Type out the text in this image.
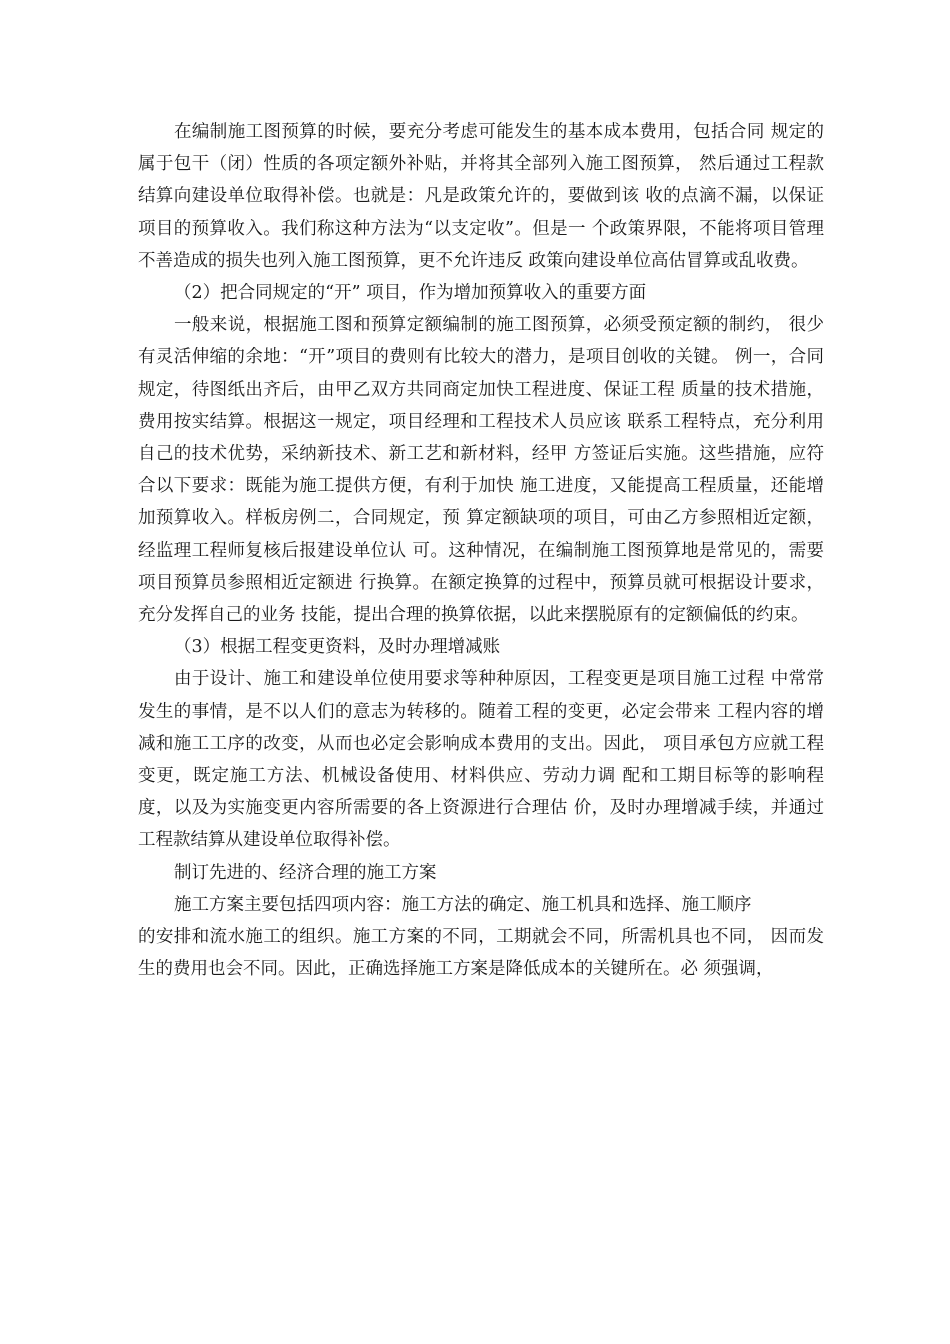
在编制施工图预算的时候，要充分考虑可能发生的基本成本费用，包括合同 规定的属于包干（闭）性质的各项定额外补贴，并将其全部列入施工图预算， 然后通过工程款结算向建设单位取得补偿。也就是：凡是政策允许的，要做到该 收的点滴不漏，以保证项目的预算收入。我们称这种方法为“以支定收”。但是一 个政策界限，不能将项目管理不善造成的损失也列入施工图预算，更不允许违反 政策向建设单位高估冒算或乱收费。

（2）把合同规定的“开” 项目，作为增加预算收入的重要方面

一般来说，根据施工图和预算定额编制的施工图预算，必须受预定额的制约， 很少有灵活伸缩的余地：“开”项目的费则有比较大的潜力，是项目创收的关键。 例一，合同规定，待图纸出齐后，由甲乙双方共同商定加快工程进度、保证工程 质量的技术措施，费用按实结算。根据这一规定，项目经理和工程技术人员应该 联系工程特点，充分利用自己的技术优势，采纳新技术、新工艺和新材料，经甲 方签证后实施。这些措施，应符合以下要求：既能为施工提供方便，有利于加快 施工进度，又能提高工程质量，还能增加预算收入。样板房例二，合同规定，预 算定额缺项的项目，可由乙方参照相近定额，经监理工程师复核后报建设单位认 可。这种情况，在编制施工图预算地是常见的，需要项目预算员参照相近定额进 行换算。在额定换算的过程中，预算员就可根据设计要求，充分发挥自己的业务 技能，提出合理的换算依据，以此来摆脱原有的定额偏低的约束。

（3）根据工程变更资料，及时办理增减账

由于设计、施工和建设单位使用要求等种种原因，工程变更是项目施工过程 中常常发生的事情，是不以人们的意志为转移的。随着工程的变更，必定会带来 工程内容的增减和施工工序的改变，从而也必定会影响成本费用的支出。因此， 项目承包方应就工程变更，既定施工方法、机械设备使用、材料供应、劳动力调 配和工期目标等的影响程度，以及为实施变更内容所需要的各上资源进行合理估 价，及时办理增减手续，并通过工程款结算从建设单位取得补偿。

制订先进的、经济合理的施工方案

施工方案主要包括四项内容：施工方法的确定、施工机具和选择、施工顺序

的安排和流水施工的组织。施工方案的不同，工期就会不同，所需机具也不同， 因而发生的费用也会不同。因此，正确选择施工方案是降低成本的关键所在。必 须强调，
